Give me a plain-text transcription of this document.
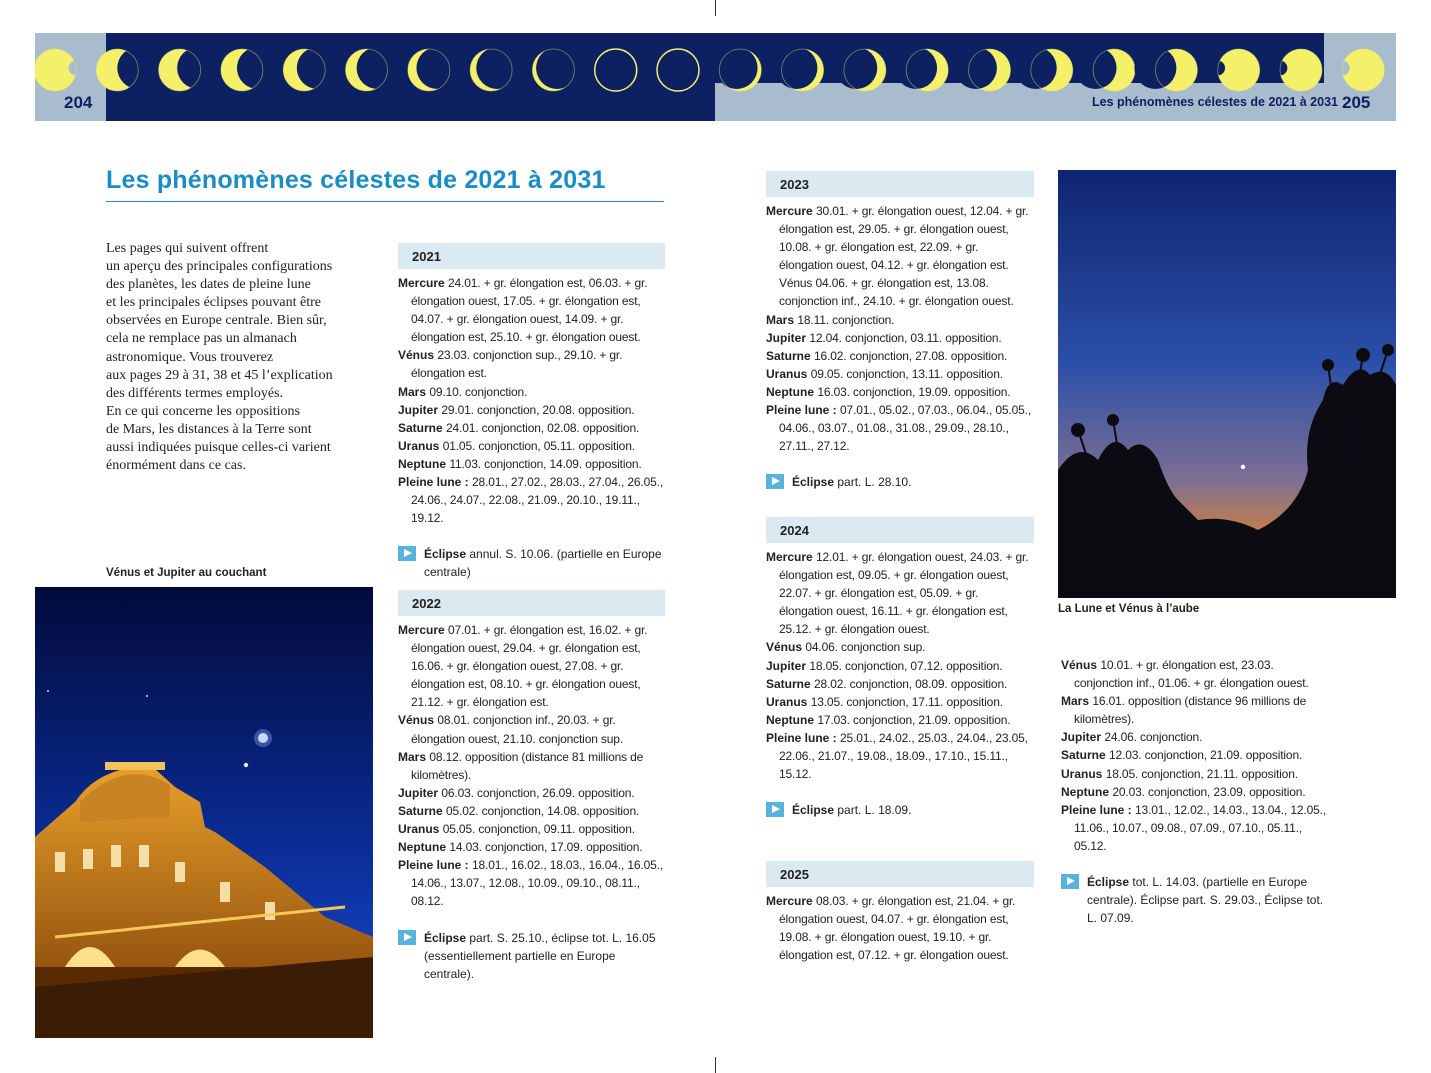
204	205
Les phénomènes célestes de 2021 à 2031
Les phénomènes célestes de 2021 à 2031
Les pages qui suivent offrent
un aperçu des principales configurations
des planètes, les dates de pleine lune
et les principales éclipses pouvant être
observées en Europe centrale. Bien sûr,
cela ne remplace pas un almanach
astronomique. Vous trouverez
aux pages 29 à 31, 38 et 45 l’explication
des différents termes employés.
En ce qui concerne les oppositions
de Mars, les distances à la Terre sont
aussi indiquées puisque celles-ci varient
énormément dans ce cas.
Vénus et Jupiter au couchant
La Lune et Vénus à l’aube
2021
Mercure 24.01. + gr. élongation est, 06.03. + gr. élongation ouest, 17.05. + gr. élongation est, 04.07. + gr. élongation ouest, 14.09. + gr. élongation est, 25.10. + gr. élongation ouest.
Vénus 23.03. conjonction sup., 29.10. + gr. élongation est.
Mars 09.10. conjonction.
Jupiter 29.01. conjonction, 20.08. opposition.
Saturne 24.01. conjonction, 02.08. opposition.
Uranus 01.05. conjonction, 05.11. opposition.
Neptune 11.03. conjonction, 14.09. opposition.
Pleine lune : 28.01., 27.02., 28.03., 27.04., 26.05., 24.06., 24.07., 22.08., 21.09., 20.10., 19.11., 19.12.
Éclipse annul. S. 10.06. (partielle en Europe centrale)
2022
Mercure 07.01. + gr. élongation est, 16.02. + gr. élongation ouest, 29.04. + gr. élongation est, 16.06. + gr. élongation ouest, 27.08. + gr. élongation est, 08.10. + gr. élongation ouest, 21.12. + gr. élongation est.
Vénus 08.01. conjonction inf., 20.03. + gr. élongation ouest, 21.10. conjonction sup.
Mars 08.12. opposition (distance 81 millions de kilomètres).
Jupiter 06.03. conjonction, 26.09. opposition.
Saturne 05.02. conjonction, 14.08. opposition.
Uranus 05.05. conjonction, 09.11. opposition.
Neptune 14.03. conjonction, 17.09. opposition.
Pleine lune : 18.01., 16.02., 18.03., 16.04., 16.05., 14.06., 13.07., 12.08., 10.09., 09.10., 08.11., 08.12.
Éclipse part. S. 25.10., éclipse tot. L. 16.05 (essentiellement partielle en Europe centrale).
2023
Mercure 30.01. + gr. élongation ouest, 12.04. + gr. élongation est, 29.05. + gr. élongation ouest, 10.08. + gr. élongation est, 22.09. + gr. élongation ouest, 04.12. + gr. élongation est. Vénus 04.06. + gr. élongation est, 13.08. conjonction inf., 24.10. + gr. élongation ouest.
Mars 18.11. conjonction.
Jupiter 12.04. conjonction, 03.11. opposition.
Saturne 16.02. conjonction, 27.08. opposition.
Uranus 09.05. conjonction, 13.11. opposition.
Neptune 16.03. conjonction, 19.09. opposition.
Pleine lune : 07.01., 05.02., 07.03., 06.04., 05.05., 04.06., 03.07., 01.08., 31.08., 29.09., 28.10., 27.11., 27.12.
Éclipse part. L. 28.10.
2024
Mercure 12.01. + gr. élongation ouest, 24.03. + gr. élongation est, 09.05. + gr. élongation ouest, 22.07. + gr. élongation est, 05.09. + gr. élongation ouest, 16.11. + gr. élongation est, 25.12. + gr. élongation ouest.
Vénus 04.06. conjonction sup.
Jupiter 18.05. conjonction, 07.12. opposition.
Saturne 28.02. conjonction, 08.09. opposition.
Uranus 13.05. conjonction, 17.11. opposition.
Neptune 17.03. conjonction, 21.09. opposition.
Pleine lune : 25.01., 24.02., 25.03., 24.04., 23.05, 22.06., 21.07., 19.08., 18.09., 17.10., 15.11., 15.12.
Éclipse part. L. 18.09.
2025
Mercure 08.03. + gr. élongation est, 21.04. + gr. élongation ouest, 04.07. + gr. élongation est, 19.08. + gr. élongation ouest, 19.10. + gr. élongation est, 07.12. + gr. élongation ouest.
Vénus 10.01. + gr. élongation est, 23.03. conjonction inf., 01.06. + gr. élongation ouest.
Mars 16.01. opposition (distance 96 millions de kilomètres).
Jupiter 24.06. conjonction.
Saturne 12.03. conjonction, 21.09. opposition.
Uranus 18.05. conjonction, 21.11. opposition.
Neptune 20.03. conjonction, 23.09. opposition.
Pleine lune : 13.01., 12.02., 14.03., 13.04., 12.05., 11.06., 10.07., 09.08., 07.09., 07.10., 05.11., 05.12.
Éclipse tot. L. 14.03. (partielle en Europe centrale). Éclipse part. S. 29.03., Éclipse tot. L. 07.09.
